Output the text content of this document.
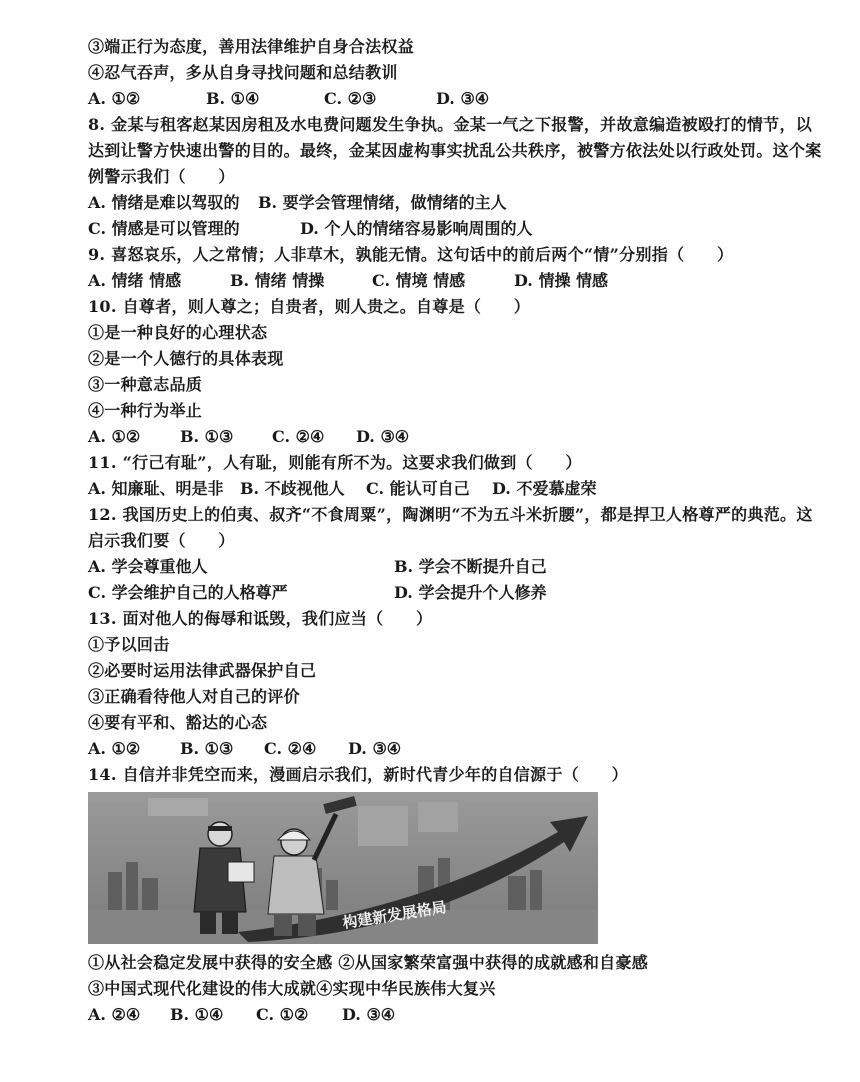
③端正行为态度，善用法律维护自身合法权益
④忍气吞声，多从自身寻找问题和总结教训
A. ①②	B. ①④	C. ②③	D. ③④
8. 金某与租客赵某因房租及水电费问题发生争执。金某一气之下报警，并故意编造被殴打的情节，以达到让警方快速出警的目的。最终，金某因虚构事实扰乱公共秩序，被警方依法处以行政处罚。这个案例警示我们（　　）
A. 情绪是难以驾驭的	B. 要学会管理情绪，做情绪的主人
C. 情感是可以管理的	D. 个人的情绪容易影响周围的人
9. 喜怒哀乐，人之常情；人非草木，孰能无情。这句话中的前后两个“情”分别指（　　）
A. 情绪 情感	B. 情绪 情操	C. 情境 情感	D. 情操 情感
10. 自尊者，则人尊之；自贵者，则人贵之。自尊是（　　）
①是一种良好的心理状态
②是一个人德行的具体表现
③一种意志品质
④一种行为举止
A. ①②	B. ①③	C. ②④	D. ③④
11. “行己有耻”，人有耻，则能有所不为。这要求我们做到（　　）
A. 知廉耻、明是非	B. 不歧视他人	C. 能认可自己	D. 不爱慕虚荣
12. 我国历史上的伯夷、叔齐“不食周粟”，陶渊明“不为五斗米折腰”，都是捍卫人格尊严的典范。这启示我们要（　　）
A. 学会尊重他人	B. 学会不断提升自己
C. 学会维护自己的人格尊严	D. 学会提升个人修养
13. 面对他人的侮辱和诋毁，我们应当（　　）
①予以回击
②必要时运用法律武器保护自己
③正确看待他人对自己的评价
④要有平和、豁达的心态
A. ①②	B. ①③	C. ②④	D. ③④
14. 自信并非凭空而来，漫画启示我们，新时代青少年的自信源于（　　）
构建新发展格局
①从社会稳定发展中获得的安全感 ②从国家繁荣富强中获得的成就感和自豪感
③中国式现代化建设的伟大成就④实现中华民族伟大复兴
A. ②④	B. ①④	C. ①②	D. ③④
